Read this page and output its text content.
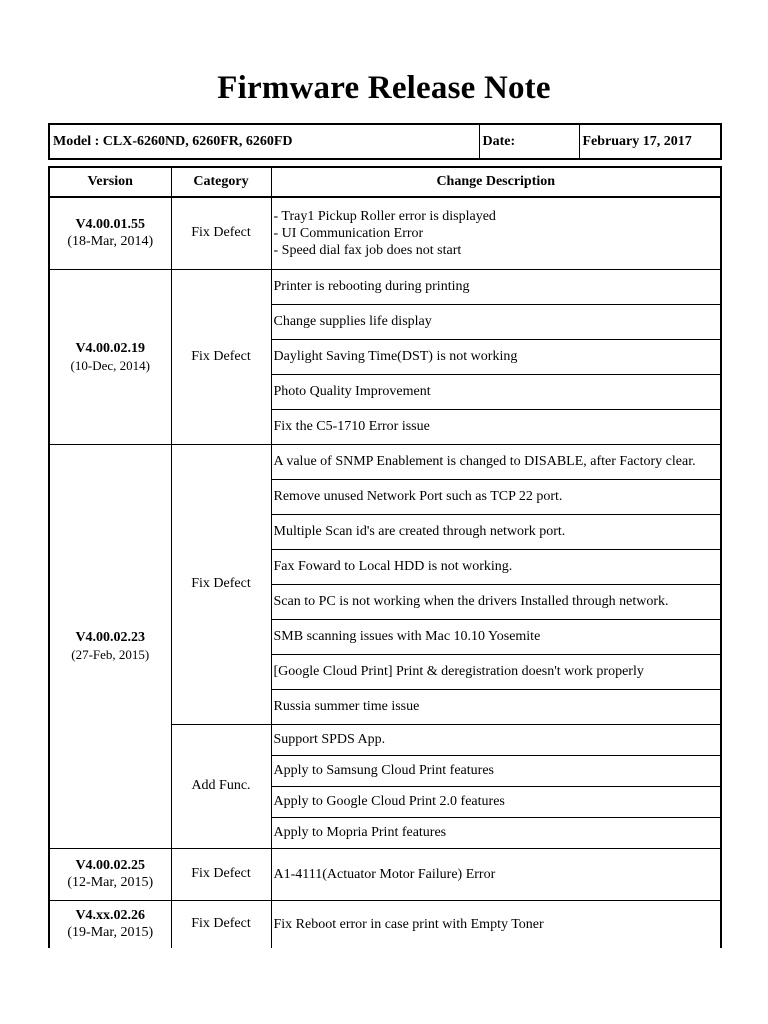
Firmware Release Note
Model : CLX-6260ND, 6260FR, 6260FD	Date:	February 17, 2017
Version	Category	Change Description

V4.00.01.55
(18-Mar, 2014)	Fix Defect	- Tray1 Pickup Roller error is displayed
- UI Communication Error
- Speed dial fax job does not start

V4.00.02.19
(10-Dec, 2014)	Fix Defect	Printer is rebooting during printing
		Change supplies life display
		Daylight Saving Time(DST) is not working
		Photo Quality Improvement
		Fix the C5-1710 Error issue

V4.00.02.23
(27-Feb, 2015)	Fix Defect	A value of SNMP Enablement is changed to DISABLE, after Factory clear.
		Remove unused Network Port such as TCP 22 port.
		Multiple Scan id's are created through network port.
		Fax Foward to Local HDD is not working.
		Scan to PC is not working when the drivers Installed through network.
		SMB scanning issues with Mac 10.10 Yosemite
		[Google Cloud Print] Print & deregistration doesn't work properly
		Russia summer time issue
	Add Func.	Support SPDS App.
		Apply to Samsung Cloud Print features
		Apply to Google Cloud Print 2.0 features
		Apply to Mopria Print features

V4.00.02.25
(12-Mar, 2015)	Fix Defect	A1-4111(Actuator Motor Failure) Error

V4.xx.02.26
(19-Mar, 2015)	Fix Defect	Fix Reboot error in case print with Empty Toner
